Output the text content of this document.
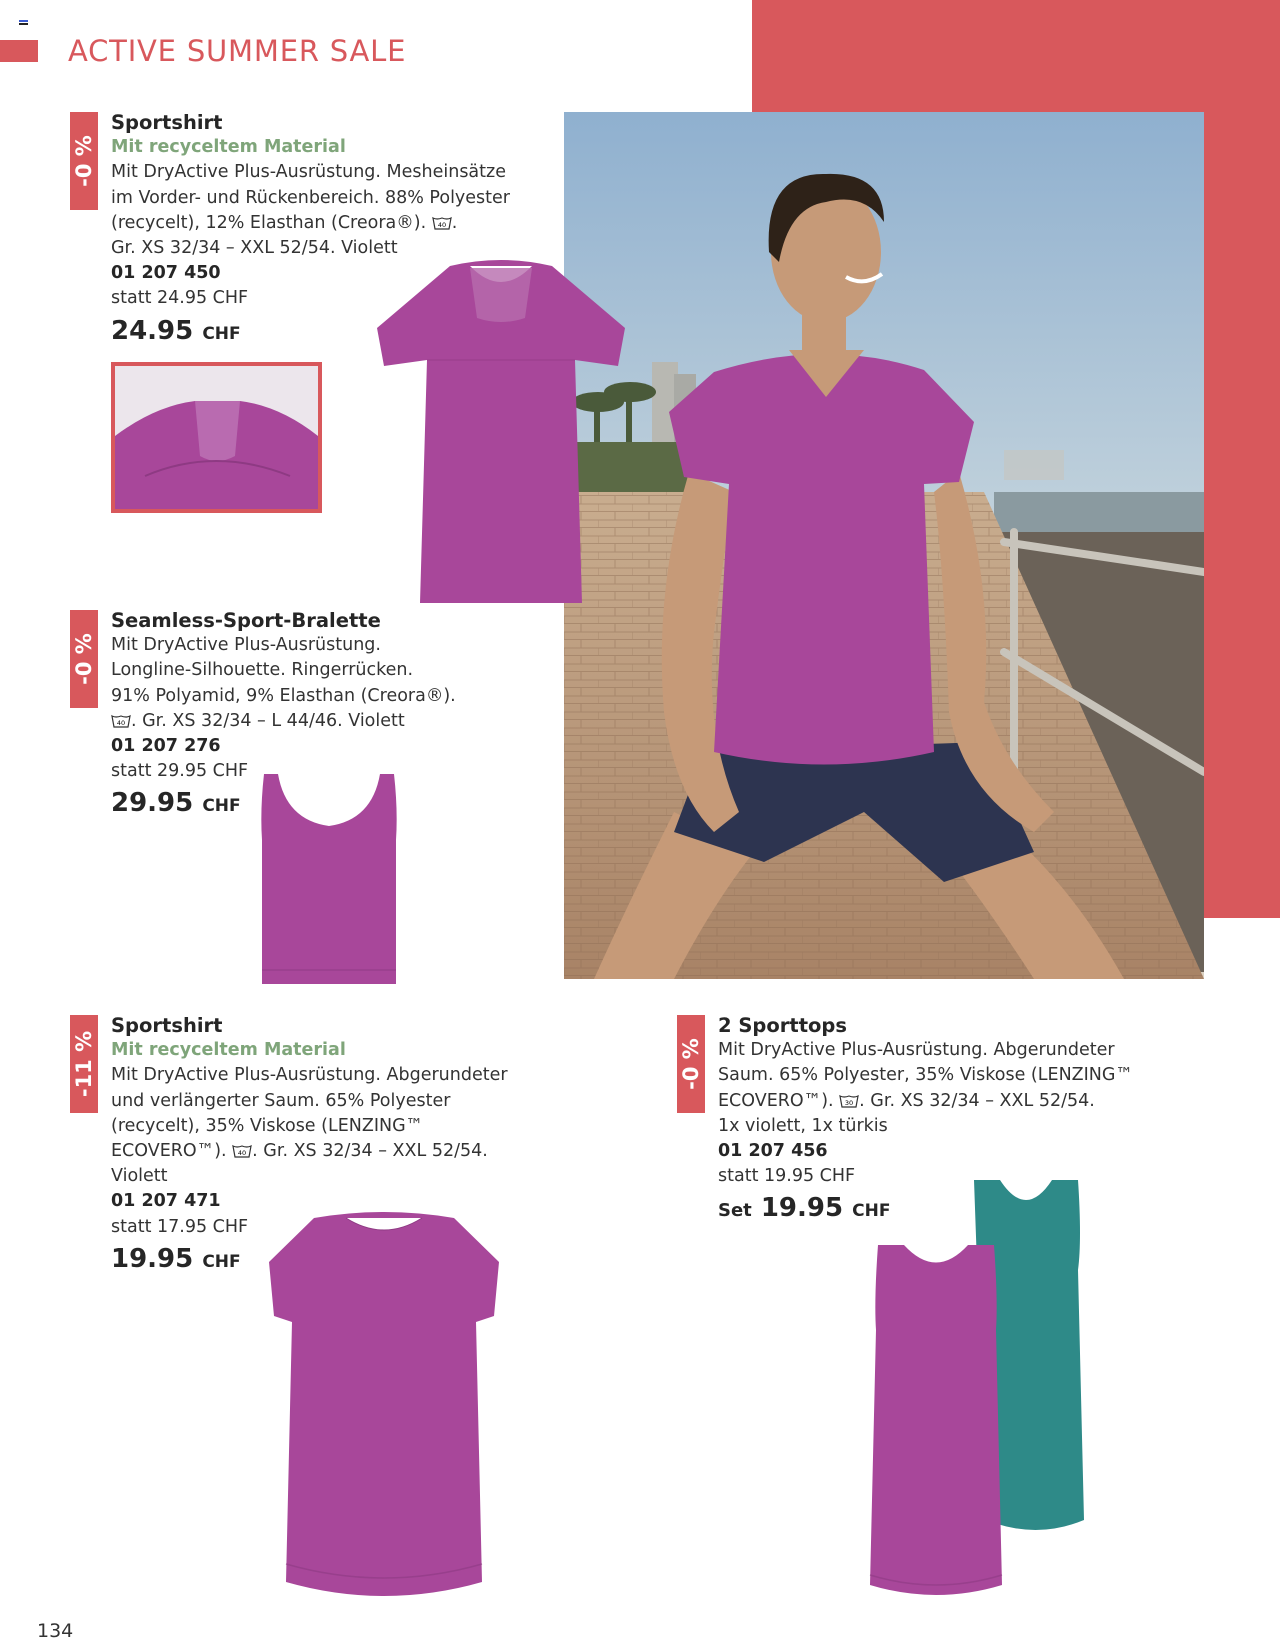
ACTIVE SUMMER SALE
-0 %
Sportshirt
Mit recyceltem Material
Mit DryActive Plus-Ausrüstung. Mesheinsätze
im Vorder- und Rückenbereich. 88% Polyester
(recycelt), 12% Elasthan (Creora®). 40 .
Gr. XS 32/34 – XXL 52/54. Violett
01 207 450
statt 24.95 CHF
24.95 CHF
-0 %
Seamless-Sport-Bralette
Mit DryActive Plus-Ausrüstung.
Longline-Silhouette. Ringerrücken.
91% Polyamid, 9% Elasthan (Creora®).
40 . Gr. XS 32/34 – L 44/46. Violett
01 207 276
statt 29.95 CHF
29.95 CHF
-11 %
Sportshirt
Mit recyceltem Material
Mit DryActive Plus-Ausrüstung. Abgerundeter
und verlängerter Saum. 65% Polyester
(recycelt), 35% Viskose (LENZING™
ECOVERO™). 40 . Gr. XS 32/34 – XXL 52/54.
Violett
01 207 471
statt 17.95 CHF
19.95 CHF
-0 %
2 Sporttops
Mit DryActive Plus-Ausrüstung. Abgerundeter
Saum. 65% Polyester, 35% Viskose (LENZING™
ECOVERO™). 30 . Gr. XS 32/34 – XXL 52/54.
1x violett, 1x türkis
01 207 456
statt 19.95 CHF
Set 19.95 CHF
134
